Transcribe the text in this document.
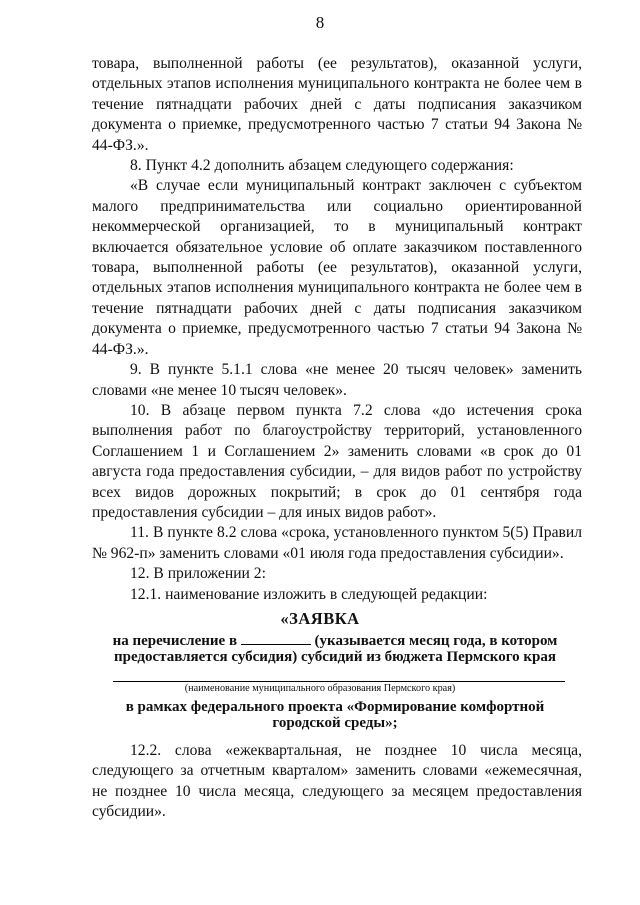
8

товара, выполненной работы (ее результатов), оказанной услуги, отдельных этапов исполнения муниципального контракта не более чем в течение пятнадцати рабочих дней с даты подписания заказчиком документа о приемке, предусмотренного частью 7 статьи 94 Закона № 44-ФЗ.».

8. Пункт 4.2 дополнить абзацем следующего содержания:

«В случае если муниципальный контракт заключен с субъектом малого предпринимательства или социально ориентированной некоммерческой организацией, то в муниципальный контракт включается обязательное условие об оплате заказчиком поставленного товара, выполненной работы (ее результатов), оказанной услуги, отдельных этапов исполнения муниципального контракта не более чем в течение пятнадцати рабочих дней с даты подписания заказчиком документа о приемке, предусмотренного частью 7 статьи 94 Закона № 44-ФЗ.».

9. В пункте 5.1.1 слова «не менее 20 тысяч человек» заменить словами «не менее 10 тысяч человек».

10. В абзаце первом пункта 7.2 слова «до истечения срока выполнения работ по благоустройству территорий, установленного Соглашением 1 и Соглашением 2» заменить словами «в срок до 01 августа года предоставления субсидии, – для видов работ по устройству всех видов дорожных покрытий; в срок до 01 сентября года предоставления субсидии – для иных видов работ».

11. В пункте 8.2 слова «срока, установленного пунктом 5(5) Правил № 962-п» заменить словами «01 июля года предоставления субсидии».

12. В приложении 2:

12.1. наименование изложить в следующей редакции:

«ЗАЯВКА
на перечисление в	(указывается месяц года, в котором предоставляется субсидия) субсидий из бюджета Пермского края
(наименование муниципального образования Пермского края)
в рамках федерального проекта «Формирование комфортной городской среды»;

12.2. слова «ежеквартальная, не позднее 10 числа месяца, следующего за отчетным кварталом» заменить словами «ежемесячная, не позднее 10 числа месяца, следующего за месяцем предоставления субсидии».
